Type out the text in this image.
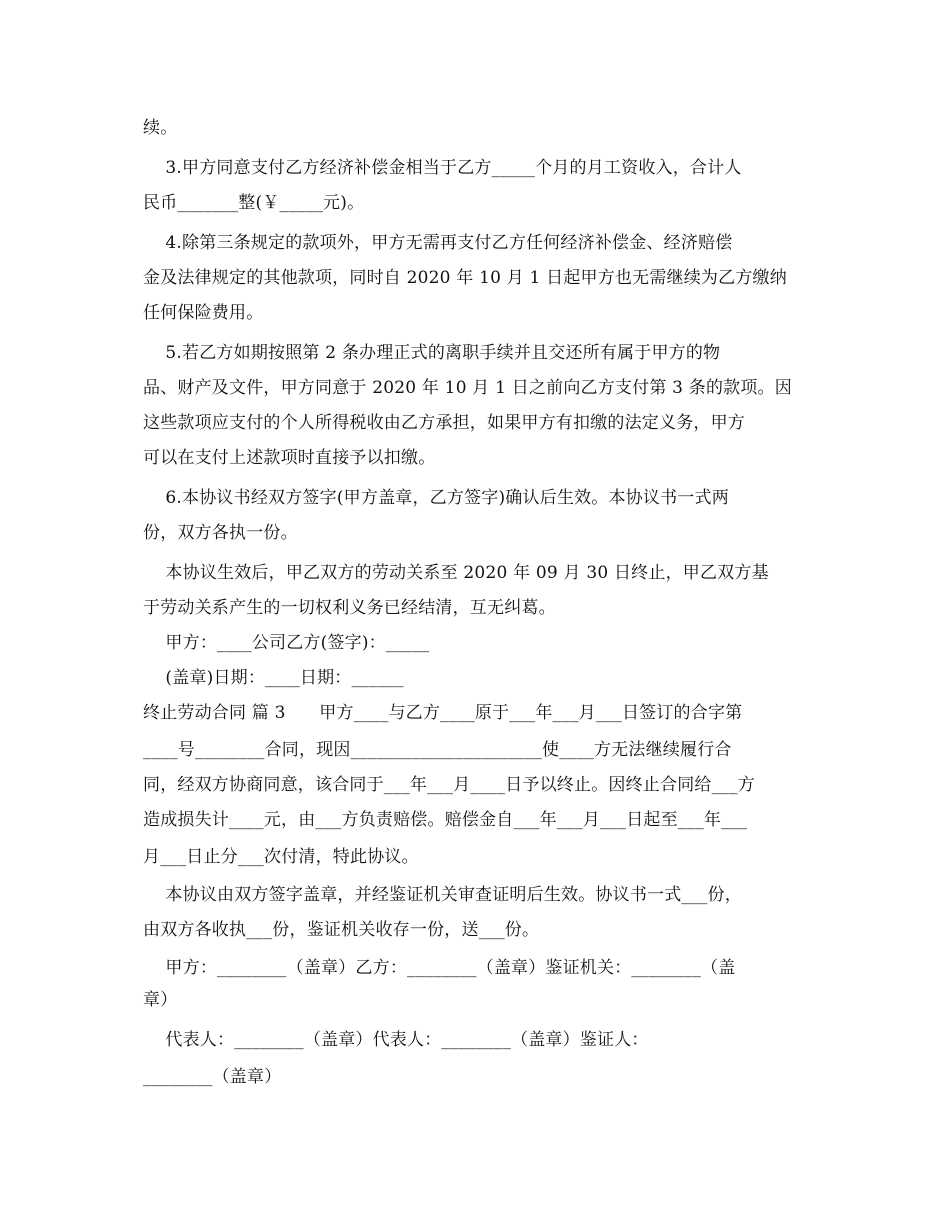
续。
3.甲方同意支付乙方经济补偿金相当于乙方_____个月的月工资收入，合计人
民币_______整(￥_____元)。
4.除第三条规定的款项外，甲方无需再支付乙方任何经济补偿金、经济赔偿
金及法律规定的其他款项，同时自 2020 年 10 月 1 日起甲方也无需继续为乙方缴纳
任何保险费用。
5.若乙方如期按照第 2 条办理正式的离职手续并且交还所有属于甲方的物
品、财产及文件，甲方同意于 2020 年 10 月 1 日之前向乙方支付第 3 条的款项。因
这些款项应支付的个人所得税收由乙方承担，如果甲方有扣缴的法定义务，甲方
可以在支付上述款项时直接予以扣缴。
6.本协议书经双方签字(甲方盖章，乙方签字)确认后生效。本协议书一式两
份，双方各执一份。
本协议生效后，甲乙双方的劳动关系至 2020 年 09 月 30 日终止，甲乙双方基
于劳动关系产生的一切权利义务已经结清，互无纠葛。
甲方：____公司乙方(签字)：_____
(盖章)日期：____日期：______
终止劳动合同 篇 3      甲方____与乙方____原于___年___月___日签订的合字第
____号________合同，现因______________________使____方无法继续履行合
同，经双方协商同意，该合同于___年___月____日予以终止。因终止合同给___方
造成损失计____元，由___方负责赔偿。赔偿金自___年___月___日起至___年___
月___日止分___次付清，特此协议。
本协议由双方签字盖章，并经鉴证机关审查证明后生效。协议书一式___份，
由双方各收执___份，鉴证机关收存一份，送___份。
甲方：________（盖章）乙方：________（盖章）鉴证机关：________（盖
章）
代表人：________（盖章）代表人：________（盖章）鉴证人：
________（盖章）
